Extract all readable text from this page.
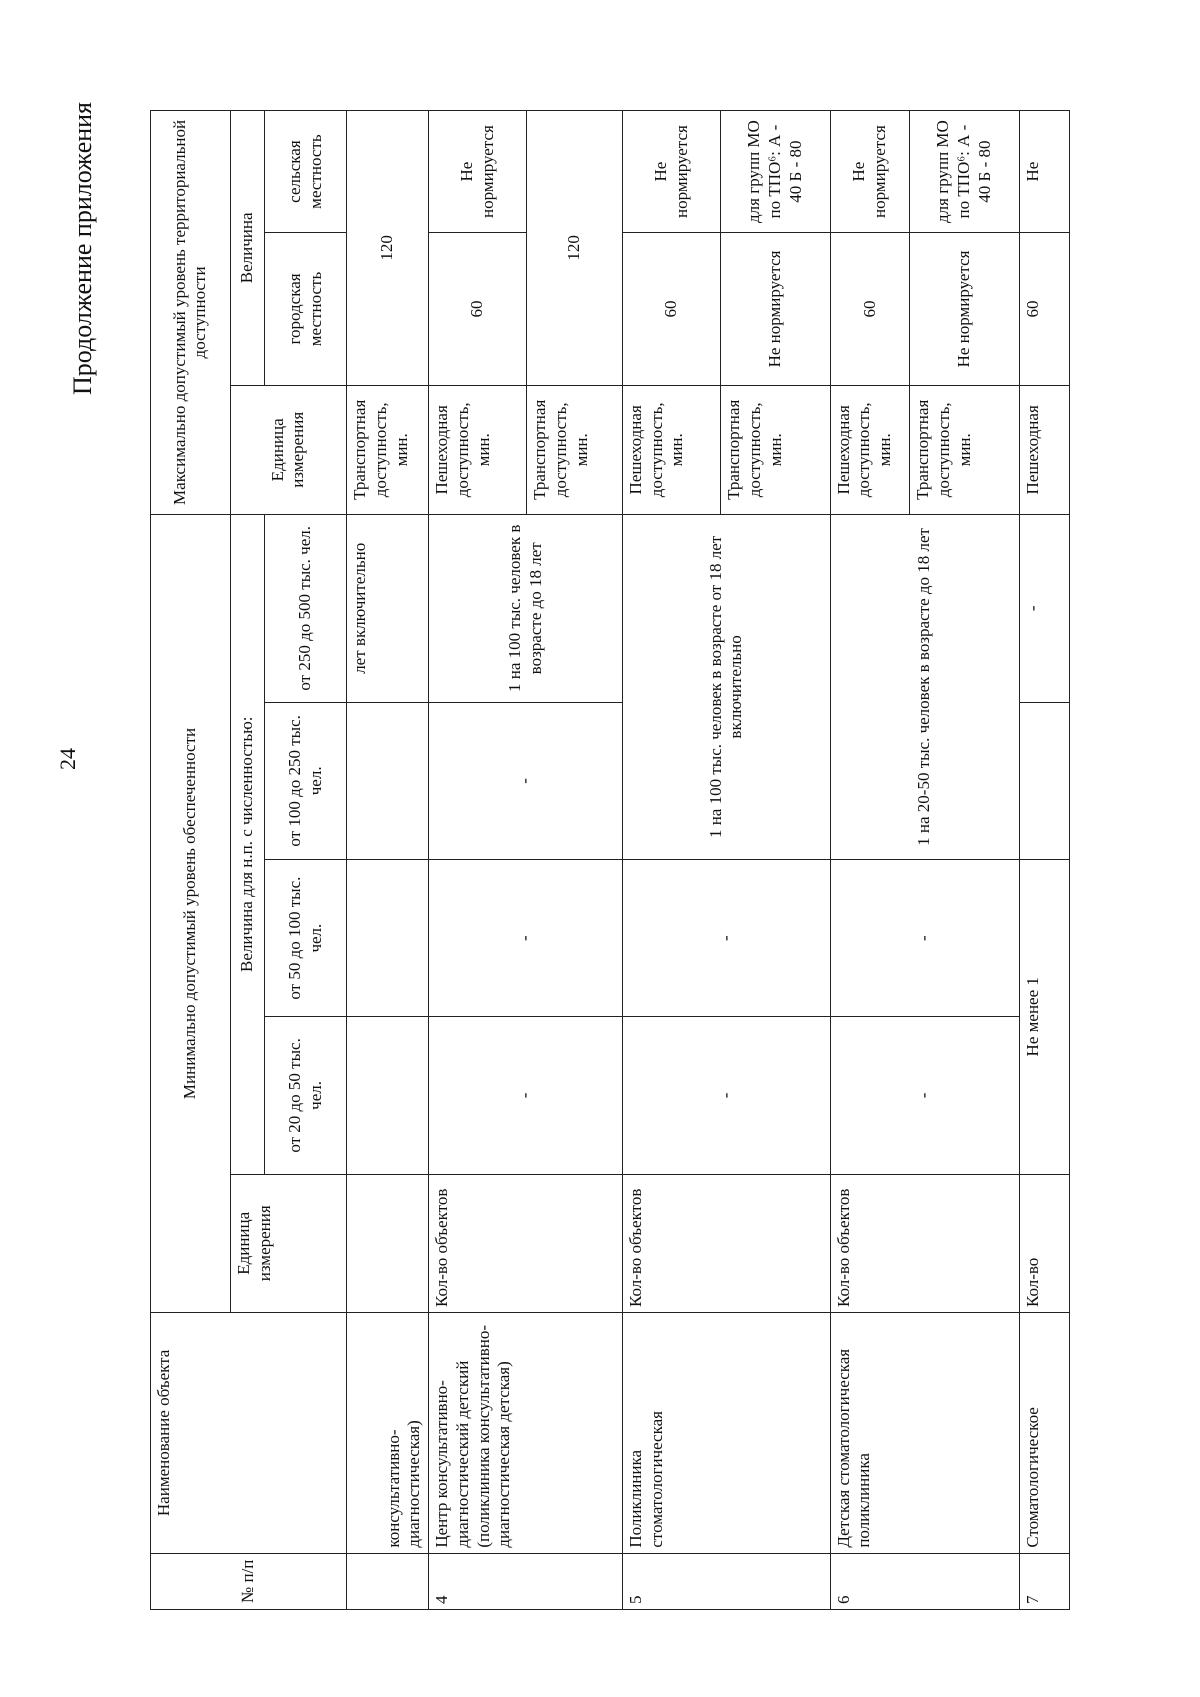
24
Продолжение приложения
№ п/п	Наименование объекта	Минимально допустимый уровень обеспеченности					Максимально допустимый уровень территориальной доступности		
		Единица измерения	Величина для н.п. с численностью:				Единица измерения	Величина	
			от 20 до 50 тыс. чел.	от 50 до 100 тыс. чел.	от 100 до 250 тыс. чел.	от 250 до 500 тыс. чел.		городская местность	сельская местность
	консультативно-диагностическая)					лет включительно	Транспортная доступность, мин.	120	
4	Центр консультативно-диагностический детский (поликлиника консультативно-диагностическая детская)	Кол-во объектов	-	-	-	1 на 100 тыс. человек в возрасте до 18 лет	Пешеходная доступность, мин.	60	Не нормируется
							Транспортная доступность, мин.	120	
5	Поликлиника стоматологическая	Кол-во объектов	-	-	1 на 100 тыс. человек в возрасте от 18 лет включительно		Пешеходная доступность, мин.	60	Не нормируется
							Транспортная доступность, мин.	Не нормируется	для групп МО по ТПО⁶: А - 40 Б - 80
6	Детская стоматологическая поликлиника	Кол-во объектов	-	-	1 на 20-50 тыс. человек в возрасте до 18 лет		Пешеходная доступность, мин.	60	Не нормируется
							Транспортная доступность, мин.	Не нормируется	для групп МО по ТПО⁶: А - 40 Б - 80
7	Стоматологическое	Кол-во	Не менее 1			-	Пешеходная	60	Не
